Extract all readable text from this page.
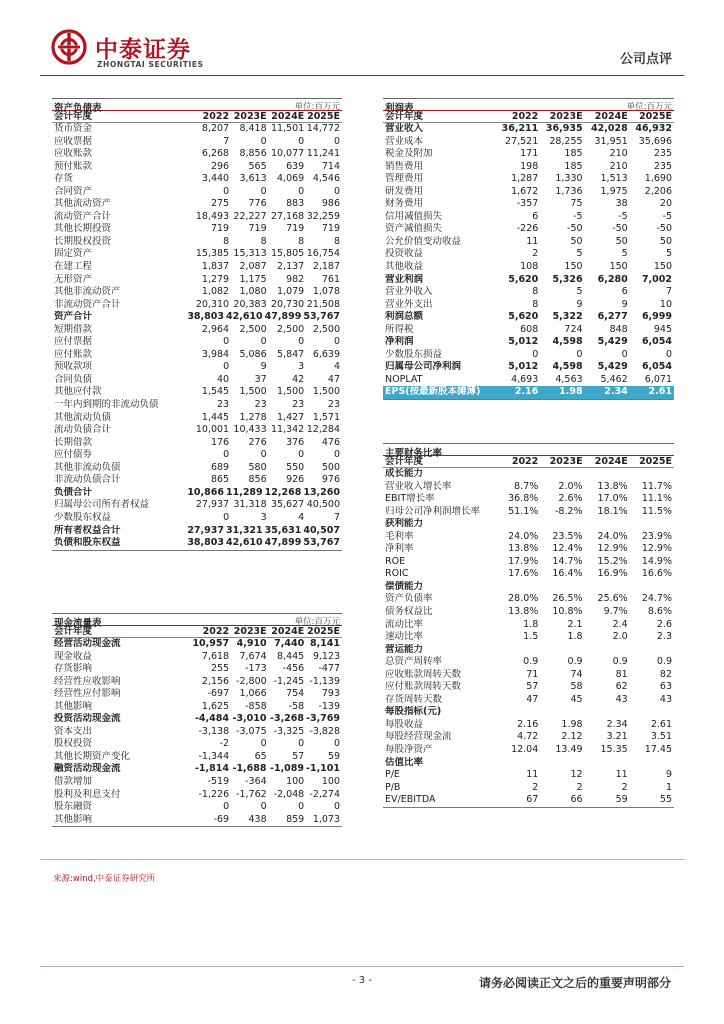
中泰证券
ZHONGTAI SECURITIES	公司点评
资产负债表	单位:百万元
会计年度	2022 2023E 2024E 2025E
货币资金	8,207	8,418 11,501 14,772
应收票据	7	0	0	0
应收账款	6,268	8,856 10,077 11,241
预付账款	296	565	639	714
存货	3,440	3,613	4,069 4,546
合同资产	0	0	0	0
其他流动资产	275	776	883	986
流动资产合计	18,493 22,227 27,168 32,259
其他长期投资	719	719	719	719
长期股权投资	8	8	8	8
固定资产	15,385 15,313 15,805 16,754
在建工程	1,837	2,087	2,137 2,187
无形资产	1,279	1,175	982	761
其他非流动资产	1,082	1,080	1,079 1,078
非流动资产合计	20,310 20,383 20,730 21,508
资产合计	38,803 42,610 47,899 53,767
短期借款	2,964	2,500	2,500 2,500
应付票据	0	0	0	0
应付账款	3,984	5,086	5,847 6,639
预收款项	0	9	3	4
合同负债	40	37	42	47
其他应付款	1,545	1,500	1,500 1,500
一年内到期的非流动负债	23	23	23	23
其他流动负债	1,445	1,278	1,427 1,571
流动负债合计	10,001 10,433 11,342 12,284
长期借款	176	276	376	476
应付债券	0	0	0	0
其他非流动负债	689	580	550	500
非流动负债合计	865	856	926	976
负债合计	10,866 11,289 12,268 13,260
归属母公司所有者权益	27,937 31,318 35,627 40,500
少数股东权益	0	3	4	7
所有者权益合计	27,937 31,321 35,631 40,507
负债和股东权益	38,803 42,610 47,899 53,767
现金流量表	单位:百万元
会计年度	2022 2023E 2024E 2025E
经营活动现金流	10,957 4,910 7,440 8,141
现金收益	7,618	7,674	8,445 9,123
存货影响	255	-173	-456	-477
经营性应收影响	2,156 -2,800 -1,245 -1,139
经营性应付影响	-697	1,066	754	793
其他影响	1,625	-858	-58	-139
投资活动现金流	-4,484 -3,010 -3,268 -3,769
资本支出	-3,138 -3,075 -3,325 -3,828
股权投资	-2	0	0	0
其他长期资产变化	-1,344	65	57	59
融资活动现金流	-1,814 -1,688 -1,089 -1,101
借款增加	-519	-364	100	100
股利及利息支付	-1,226 -1,762 -2,048 -2,274
股东融资	0	0	0	0
其他影响	-69	438	859 1,073
利润表	单位:百万元
会计年度	2022	2023E	2024E	2025E
营业收入	36,211 36,935 42,028 46,932
营业成本	27,521	28,255	31,951	35,696
税金及附加	171	185	210	235
销售费用	198	185	210	235
管理费用	1,287	1,330	1,513	1,690
研发费用	1,672	1,736	1,975	2,206
财务费用	-357	75	38	20
信用减值损失	6	-5	-5	-5
资产减值损失	-226	-50	-50	-50
公允价值变动收益	11	50	50	50
投资收益	2	5	5	5
其他收益	108	150	150	150
营业利润	5,620	5,326	6,280	7,002
营业外收入	8	5	6	7
营业外支出	8	9	9	10
利润总额	5,620	5,322	6,277	6,999
所得税	608	724	848	945
净利润	5,012	4,598	5,429	6,054
少数股东损益	0	0	0	0
归属母公司净利润	5,012	4,598	5,429	6,054
NOPLAT	4,693	4,563	5,462	6,071
EPS(按最新股本摊薄)	2.16	1.98	2.34	2.61
主要财务比率
会计年度	2022	2023E	2024E	2025E
成长能力
营业收入增长率	8.7%	2.0%	13.8%	11.7%
EBIT增长率	36.8%	2.6%	17.0%	11.1%
归母公司净利润增长率	51.1%	-8.2%	18.1%	11.5%
获利能力
毛利率	24.0%	23.5%	24.0%	23.9%
净利率	13.8%	12.4%	12.9%	12.9%
ROE	17.9%	14.7%	15.2%	14.9%
ROIC	17.6%	16.4%	16.9%	16.6%
偿债能力
资产负债率	28.0%	26.5%	25.6%	24.7%
债务权益比	13.8%	10.8%	9.7%	8.6%
流动比率	1.8	2.1	2.4	2.6
速动比率	1.5	1.8	2.0	2.3
营运能力
总资产周转率	0.9	0.9	0.9	0.9
应收账款周转天数	71	74	81	82
应付账款周转天数	57	58	62	63
存货周转天数	47	45	43	43
每股指标(元)
每股收益	2.16	1.98	2.34	2.61
每股经营现金流	4.72	2.12	3.21	3.51
每股净资产	12.04	13.49	15.35	17.45
估值比率
P/E	11	12	11	9
P/B	2	2	2	1
EV/EBITDA	67	66	59	55
来源:wind,中泰证券研究所
- 3 -	请务必阅读正文之后的重要声明部分
